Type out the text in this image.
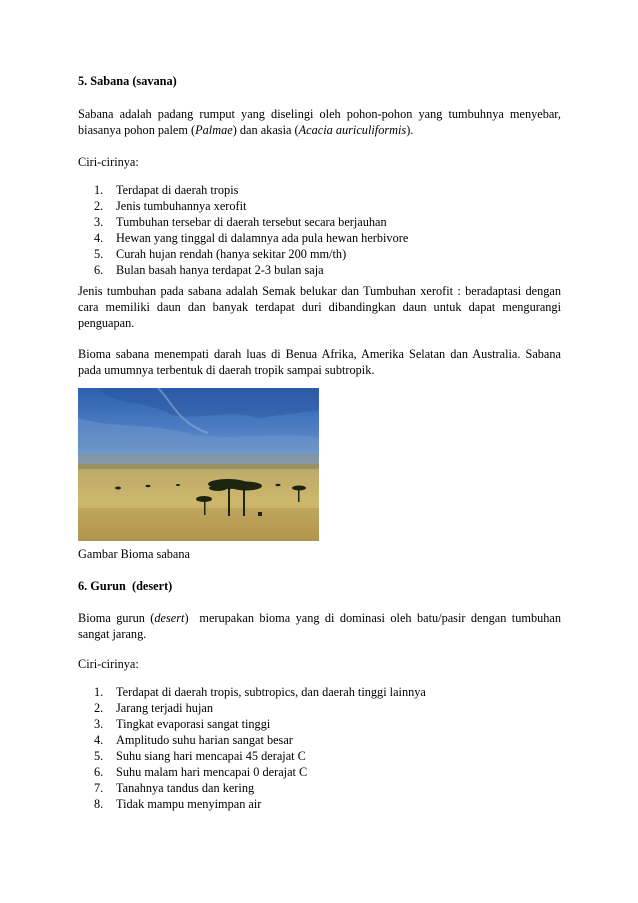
5. Sabana (savana)

Sabana adalah padang rumput yang diselingi oleh pohon-pohon yang tumbuhnya menyebar, biasanya pohon palem (Palmae) dan akasia (Acacia auriculiformis).

Ciri-cirinya:

1. Terdapat di daerah tropis
2. Jenis tumbuhannya xerofit
3. Tumbuhan tersebar di daerah tersebut secara berjauhan
4. Hewan yang tinggal di dalamnya ada pula hewan herbivore
5. Curah hujan rendah (hanya sekitar 200 mm/th)
6. Bulan basah hanya terdapat 2-3 bulan saja

Jenis tumbuhan pada sabana adalah Semak belukar dan Tumbuhan xerofit : beradaptasi dengan cara memiliki daun dan banyak terdapat duri dibandingkan daun untuk dapat mengurangi penguapan.

Bioma sabana menempati darah luas di Benua Afrika, Amerika Selatan dan Australia. Sabana pada umumnya terbentuk di daerah tropik sampai subtropik.

Gambar Bioma sabana

6. Gurun  (desert)

Bioma gurun (desert)  merupakan bioma yang di dominasi oleh batu/pasir dengan tumbuhan sangat jarang.

Ciri-cirinya:

1. Terdapat di daerah tropis, subtropics, dan daerah tinggi lainnya
2. Jarang terjadi hujan
3. Tingkat evaporasi sangat tinggi
4. Amplitudo suhu harian sangat besar
5. Suhu siang hari mencapai 45 derajat C
6. Suhu malam hari mencapai 0 derajat C
7. Tanahnya tandus dan kering
8. Tidak mampu menyimpan air
